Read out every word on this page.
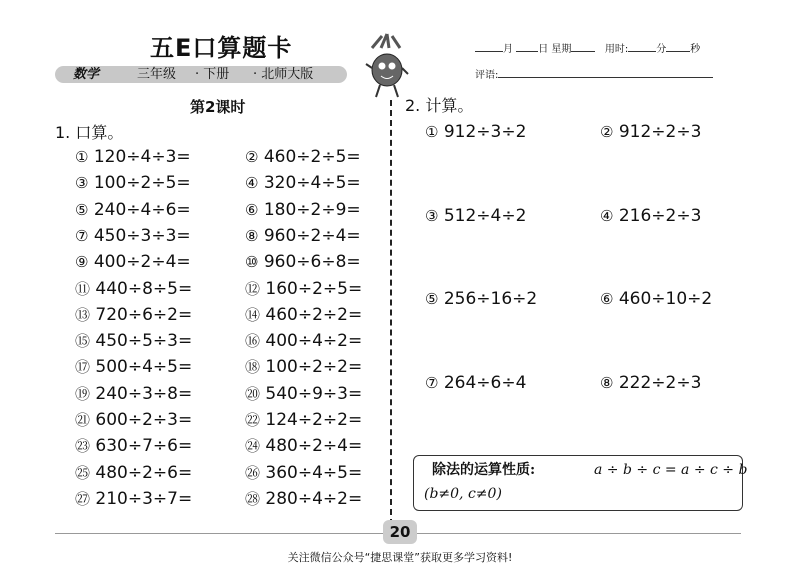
五E口算题卡
数学	三年级 · 下册 · 北师大版
月	日 星期	用时:	分 秒
评语:
第2课时
1. 口算。
2. 计算。
除法的运算性质:	a ÷ b ÷ c = a ÷ c ÷ b
(b≠0, c≠0)
20
关注微信公众号“捷思课堂”获取更多学习资料!
① 120÷4÷3=	② 460÷2÷5=
③ 100÷2÷5=	④ 320÷4÷5=
⑤ 240÷4÷6=	⑥ 180÷2÷9=
⑦ 450÷3÷3=	⑧ 960÷2÷4=
⑨ 400÷2÷4=	⑩ 960÷6÷8=
⑪ 440÷8÷5=	⑫ 160÷2÷5=
⑬ 720÷6÷2=	⑭ 460÷2÷2=
⑮ 450÷5÷3=	⑯ 400÷4÷2=
⑰ 500÷4÷5=	⑱ 100÷2÷2=
⑲ 240÷3÷8=	⑳ 540÷9÷3=
㉑ 600÷2÷3=	㉒ 124÷2÷2=
㉓ 630÷7÷6=	㉔ 480÷2÷4=
㉕ 480÷2÷6=	㉖ 360÷4÷5=
㉗ 210÷3÷7=	㉘ 280÷4÷2=
① 912÷3÷2	② 912÷2÷3
③ 512÷4÷2	④ 216÷2÷3
⑤ 256÷16÷2	⑥ 460÷10÷2
⑦ 264÷6÷4	⑧ 222÷2÷3
